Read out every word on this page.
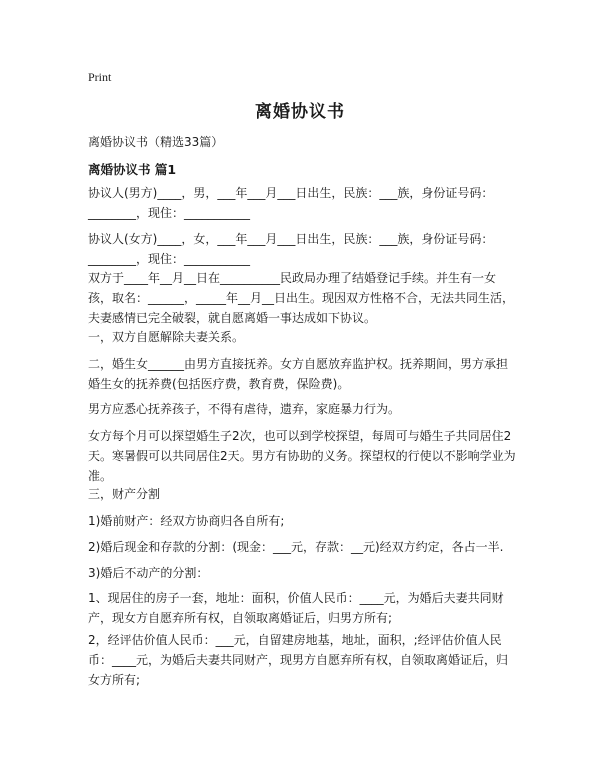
Print
离婚协议书
离婚协议书（精选33篇）
离婚协议书 篇1

协议人(男方)____，男，___年___月___日出生，民族：___族，身份证号码：________，现住：___________

协议人(女方)____，女，___年___月___日出生，民族：___族，身份证号码：________，现住：___________

双方于____年__月__日在__________民政局办理了结婚登记手续。并生有一女孩，取名：______，_____年__月__日出生。现因双方性格不合，无法共同生活，夫妻感情已完全破裂，就自愿离婚一事达成如下协议。

一，双方自愿解除夫妻关系。

二，婚生女______由男方直接抚养。女方自愿放弃监护权。抚养期间，男方承担婚生女的抚养费(包括医疗费，教育费，保险费)。

男方应悉心抚养孩子，不得有虐待，遗弃，家庭暴力行为。

女方每个月可以探望婚生子2次，也可以到学校探望，每周可与婚生子共同居住2天。寒暑假可以共同居住2天。男方有协助的义务。探望权的行使以不影响学业为准。

三，财产分割

1)婚前财产：经双方协商归各自所有;

2)婚后现金和存款的分割：(现金：___元，存款：__元)经双方约定，各占一半.

3)婚后不动产的分割：

1、现居住的房子一套，地址：面积，价值人民币：____元，为婚后夫妻共同财产，现女方自愿弃所有权，自领取离婚证后，归男方所有;

2，经评估价值人民币：___元，自留建房地基，地址，面积，;经评估价值人民币：____元，为婚后夫妻共同财产，现男方自愿弃所有权，自领取离婚证后，归女方所有;
